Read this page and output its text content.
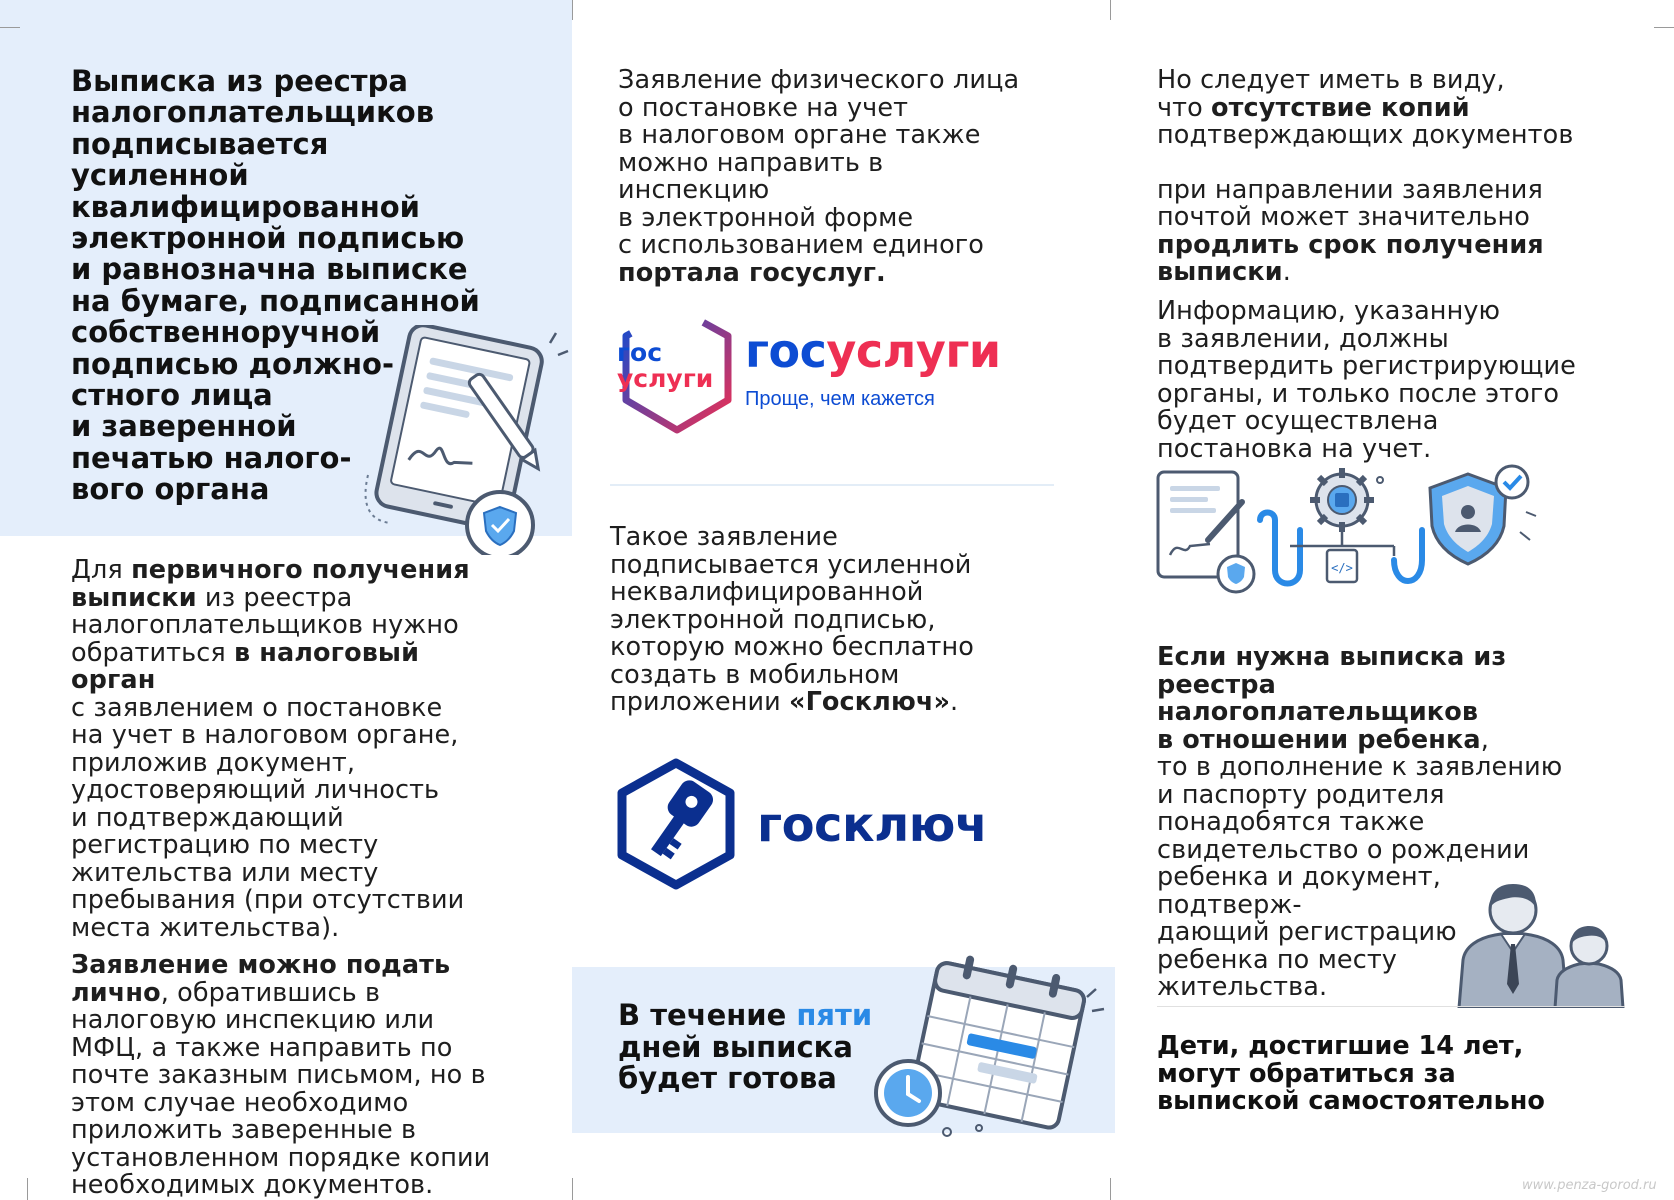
Выписка из реестра
налогоплательщиков
подписывается
усиленной
квалифицированной
электронной подписью
и равнозначна выписке
на бумаге, подписанной
собственноручной
подписью должно-
стного лица
и заверенной
печатью налого-
вого органа
Для первичного получения
выписки из реестра
налогоплательщиков нужно
обратиться в налоговый
орган
с заявлением о постановке
на учет в налоговом органе,
приложив документ,
удостоверяющий личность
и подтверждающий
регистрацию по месту
жительства или месту
пребывания (при отсутствии
места жительства).
Заявление можно подать
лично, обратившись в
налоговую инспекцию или
МФЦ, а также направить по
почте заказным письмом, но в
этом случае необходимо
приложить заверенные в
установленном порядке копии
необходимых документов.
Заявление физического лица
о постановке на учет
в налоговом органе также
можно направить в
инспекцию
в электронной форме
с использованием единого
портала госуслуг.
гос
услуги
госуслуги
Проще, чем кажется
Такое заявление
подписывается усиленной
неквалифицированной
электронной подписью,
которую можно бесплатно
создать в мобильном
приложении «Госключ».
госключ
В течение пяти
дней выписка
будет готова
Но следует иметь в виду,
что отсутствие копий
подтверждающих документов
при направлении заявления
почтой может значительно
продлить срок получения
выписки.
Информацию, указанную
в заявлении, должны
подтвердить регистрирующие
органы, и только после этого
будет осуществлена
постановка на учет.
</>
Если нужна выписка из
реестра
налогоплательщиков
в отношении ребенка,
то в дополнение к заявлению
и паспорту родителя
понадобятся также
свидетельство о рождении
ребенка и документ,
подтверж-
дающий регистрацию
ребенка по месту
жительства.
Дети, достигшие 14 лет,
могут обратиться за
выпиской самостоятельно
www.penza-gorod.ru
